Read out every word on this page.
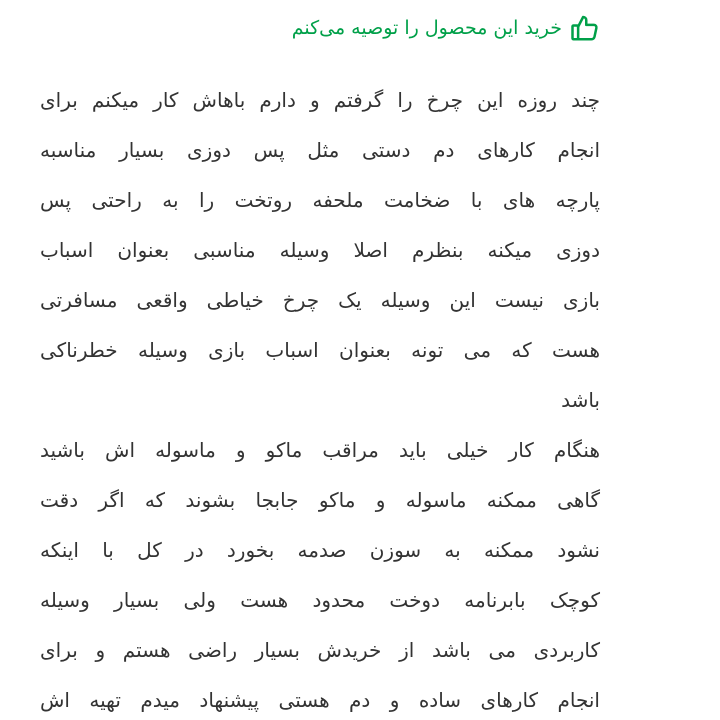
خرید این محصول را توصیه می‌کنم
چند روزه این چرخ را گرفتم و دارم باهاش کار میکنم برای
انجام کارهای دم دستی مثل پس دوزی بسیار مناسبه
پارچه های با ضخامت ملحفه روتخت را به راحتی پس
دوزی میکنه بنظرم اصلا وسیله مناسبی بعنوان اسباب
بازی نیست این وسیله یک چرخ خیاطی واقعی مسافرتی
هست که می تونه بعنوان اسباب بازی وسیله خطرناکی
باشد
هنگام کار خیلی باید مراقب ماکو و ماسوله اش باشید
گاهی ممکنه ماسوله و ماکو جابجا بشوند که اگر دقت
نشود ممکنه به سوزن صدمه بخورد در کل با اینکه
کوچک بابرنامه دوخت محدود هست ولی بسیار وسیله
کاربردی می باشد از خریدش بسیار راضی هستم و برای
انجام کارهای ساده و دم هستی پیشنهاد میدم تهیه اش
